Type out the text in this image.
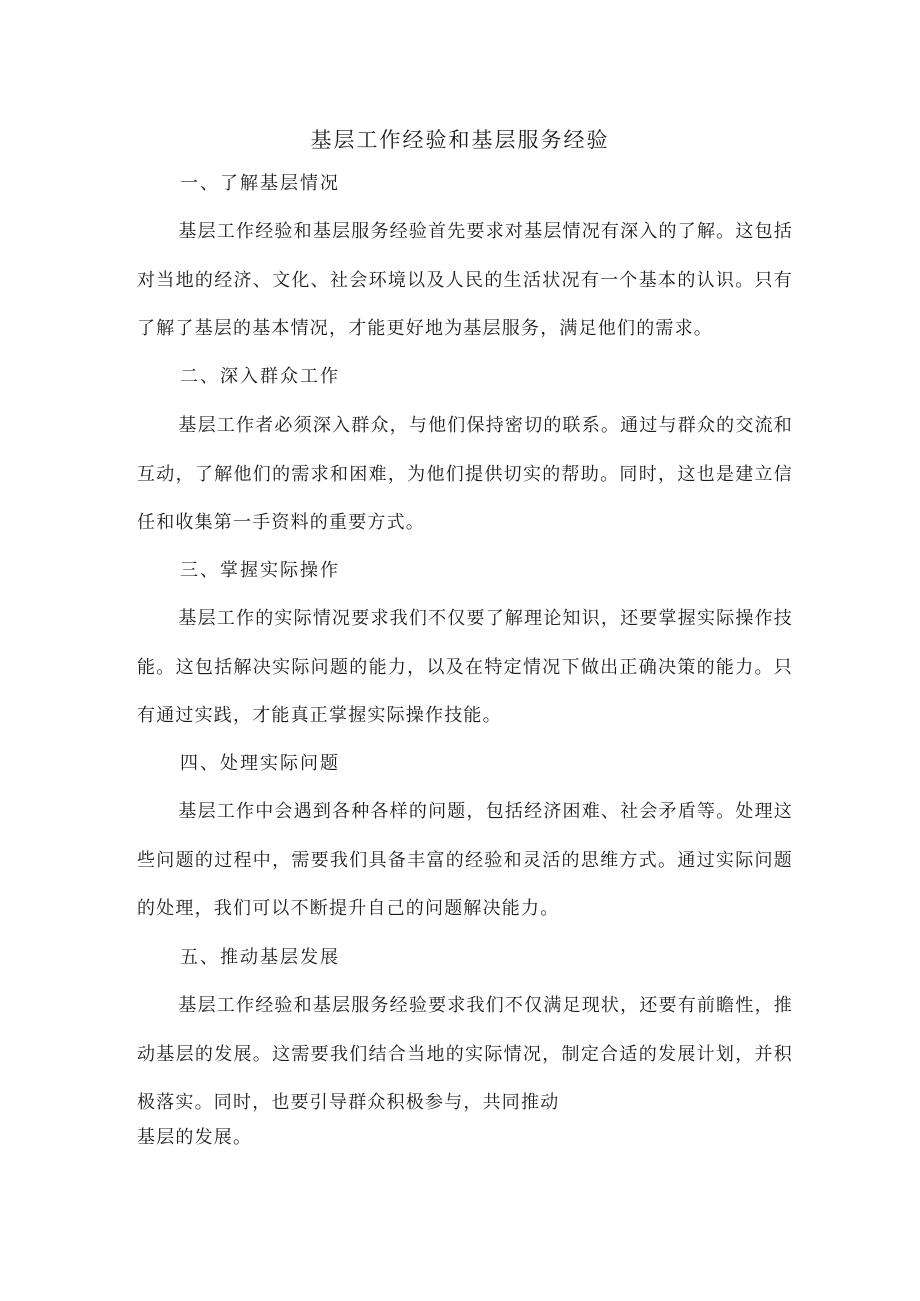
基层工作经验和基层服务经验
一、了解基层情况
基层工作经验和基层服务经验首先要求对基层情况有深入的了解。这包括对当地的经济、文化、社会环境以及人民的生活状况有一个基本的认识。只有了解了基层的基本情况，才能更好地为基层服务，满足他们的需求。
二、深入群众工作
基层工作者必须深入群众，与他们保持密切的联系。通过与群众的交流和互动，了解他们的需求和困难，为他们提供切实的帮助。同时，这也是建立信任和收集第一手资料的重要方式。
三、掌握实际操作
基层工作的实际情况要求我们不仅要了解理论知识，还要掌握实际操作技能。这包括解决实际问题的能力，以及在特定情况下做出正确决策的能力。只有通过实践，才能真正掌握实际操作技能。
四、处理实际问题
基层工作中会遇到各种各样的问题，包括经济困难、社会矛盾等。处理这些问题的过程中，需要我们具备丰富的经验和灵活的思维方式。通过实际问题的处理，我们可以不断提升自己的问题解决能力。
五、推动基层发展
基层工作经验和基层服务经验要求我们不仅满足现状，还要有前瞻性，推动基层的发展。这需要我们结合当地的实际情况，制定合适的发展计划，并积极落实。同时，也要引导群众积极参与，共同推动
基层的发展。
